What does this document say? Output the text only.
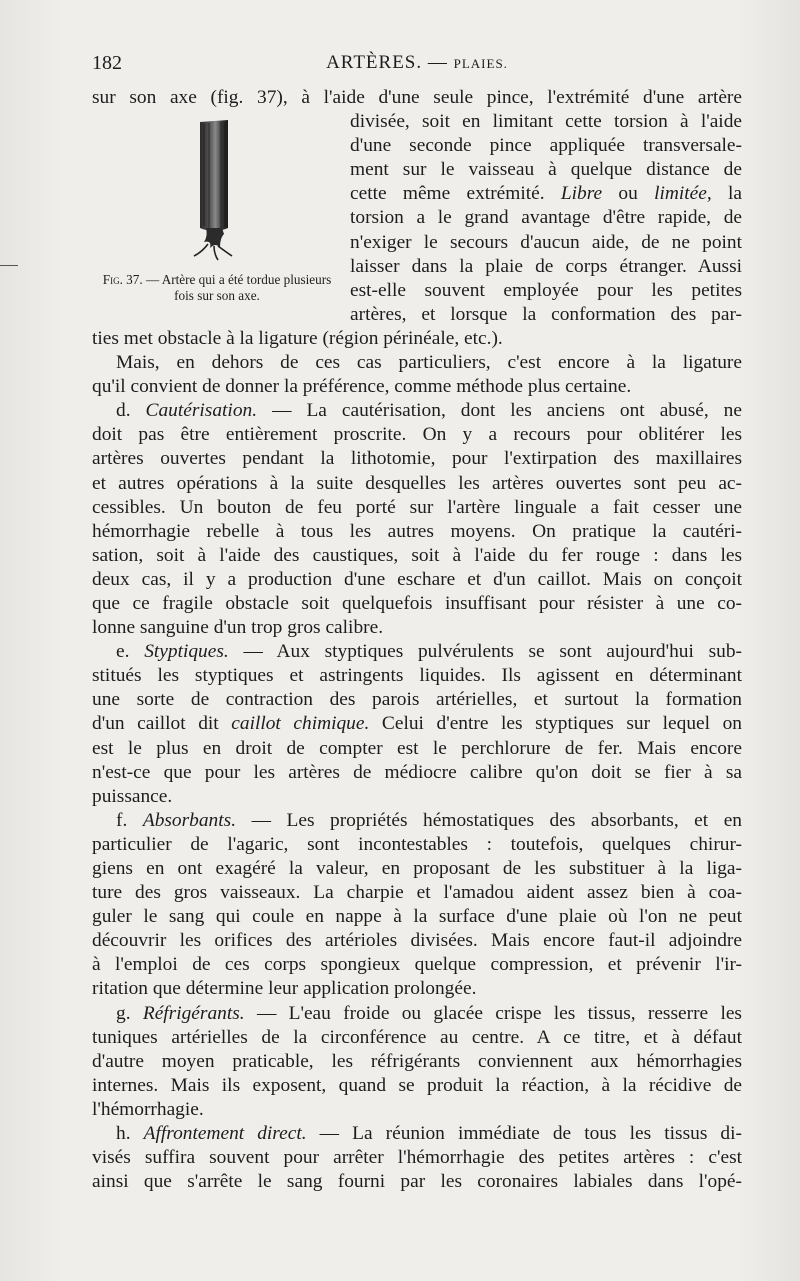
182	ARTÈRES. — PLAIES.
Fig. 37. — Artère qui a été tordue plusieurs fois sur son axe.
sur son axe (fig. 37), à l'aide d'une seule pince, l'extrémité d'une artère
divisée, soit en limitant cette torsion à l'aide
d'une seconde pince appliquée transversale-
ment sur le vaisseau à quelque distance de
cette même extrémité. Libre ou limitée, la
torsion a le grand avantage d'être rapide, de
n'exiger le secours d'aucun aide, de ne point
laisser dans la plaie de corps étranger. Aussi
est-elle souvent employée pour les petites
artères, et lorsque la conformation des par-
ties met obstacle à la ligature (région périnéale, etc.).
Mais, en dehors de ces cas particuliers, c'est encore à la ligature
qu'il convient de donner la préférence, comme méthode plus certaine.
d. Cautérisation. — La cautérisation, dont les anciens ont abusé, ne
doit pas être entièrement proscrite. On y a recours pour oblitérer les
artères ouvertes pendant la lithotomie, pour l'extirpation des maxillaires
et autres opérations à la suite desquelles les artères ouvertes sont peu ac-
cessibles. Un bouton de feu porté sur l'artère linguale a fait cesser une
hémorrhagie rebelle à tous les autres moyens. On pratique la cautéri-
sation, soit à l'aide des caustiques, soit à l'aide du fer rouge : dans les
deux cas, il y a production d'une eschare et d'un caillot. Mais on conçoit
que ce fragile obstacle soit quelquefois insuffisant pour résister à une co-
lonne sanguine d'un trop gros calibre.
e. Styptiques. — Aux styptiques pulvérulents se sont aujourd'hui sub-
stitués les styptiques et astringents liquides. Ils agissent en déterminant
une sorte de contraction des parois artérielles, et surtout la formation
d'un caillot dit caillot chimique. Celui d'entre les styptiques sur lequel on
est le plus en droit de compter est le perchlorure de fer. Mais encore
n'est-ce que pour les artères de médiocre calibre qu'on doit se fier à sa
puissance.
f. Absorbants. — Les propriétés hémostatiques des absorbants, et en
particulier de l'agaric, sont incontestables : toutefois, quelques chirur-
giens en ont exagéré la valeur, en proposant de les substituer à la liga-
ture des gros vaisseaux. La charpie et l'amadou aident assez bien à coa-
guler le sang qui coule en nappe à la surface d'une plaie où l'on ne peut
découvrir les orifices des artérioles divisées. Mais encore faut-il adjoindre
à l'emploi de ces corps spongieux quelque compression, et prévenir l'ir-
ritation que détermine leur application prolongée.
g. Réfrigérants. — L'eau froide ou glacée crispe les tissus, resserre les
tuniques artérielles de la circonférence au centre. A ce titre, et à défaut
d'autre moyen praticable, les réfrigérants conviennent aux hémorrhagies
internes. Mais ils exposent, quand se produit la réaction, à la récidive de
l'hémorrhagie.
h. Affrontement direct. — La réunion immédiate de tous les tissus di-
visés suffira souvent pour arrêter l'hémorrhagie des petites artères : c'est
ainsi que s'arrête le sang fourni par les coronaires labiales dans l'opé-
